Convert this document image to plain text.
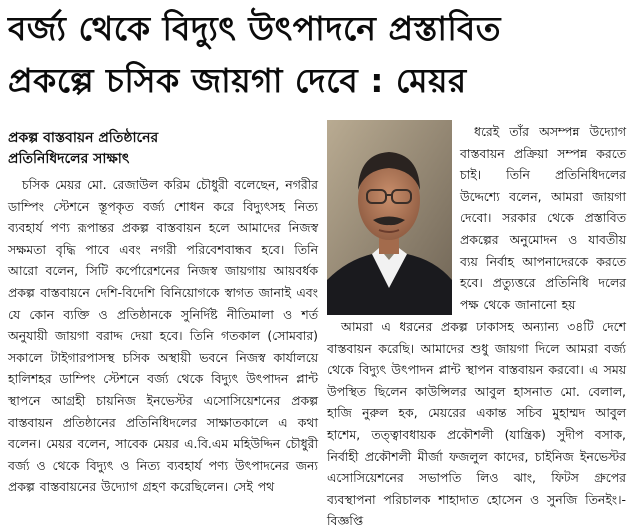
বর্জ্য থেকে বিদ্যুৎ উৎপাদনে প্রস্তাবিত
প্রকল্পে চসিক জায়গা দেবে : মেয়র
প্রকল্প বাস্তবায়ন প্রতিষ্ঠানের
প্রতিনিধিদলের সাক্ষাৎ

চসিক মেয়র মো. রেজাউল করিম চৌধুরী বলেছেন, নগরীর ডাম্পিং স্টেশনে স্তূপকৃত বর্জ্য শোধন করে বিদ্যুৎসহ নিত্য ব্যবহার্য পণ্য রূপান্তর প্রকল্প বাস্তবায়ন হলে আমাদের নিজস্ব সক্ষমতা বৃদ্ধি পাবে এবং নগরী পরিবেশবান্ধব হবে। তিনি আরো বলেন, সিটি কর্পোরেশনের নিজস্ব জায়গায় আয়বর্ধক প্রকল্প বাস্তবায়নে দেশি-বিদেশি বিনিয়োগকে স্বাগত জানাই এবং যে কোন ব্যক্তি ও প্রতিষ্ঠানকে সুনির্দিষ্ট নীতিমালা ও শর্ত অনুযায়ী জায়গা বরাদ্দ দেয়া হবে। তিনি গতকাল (সোমবার) সকালে টাইগারপাসস্থ চসিক অস্থায়ী ভবনে নিজস্ব কার্যালয়ে হালিশহর ডাম্পিং স্টেশনে বর্জ্য থেকে বিদ্যুৎ উৎপাদন প্লান্ট স্থাপনে আগ্রহী চায়নিজ ইনভেস্টর এসোসিয়েশনের প্রকল্প বাস্তবায়ন প্রতিষ্ঠানের প্রতিনিধিদলের সাক্ষাতকালে এ কথা বলেন। মেয়র বলেন, সাবেক মেয়র এ.বি.এম মহিউদ্দিন চৌধুরী বর্জ্য ও থেকে বিদ্যুৎ ও নিত্য ব্যবহার্য পণ্য উৎপাদনের জন্য প্রকল্প বাস্তবায়নের উদ্যোগ গ্রহণ করেছিলেন। সেই পথ

ধরেই তাঁর অসম্পন্ন উদ্যোগ বাস্তবায়ন প্রক্রিয়া সম্পন্ন করতে চাই। তিনি প্রতিনিধিদলের উদ্দেশ্যে বলেন, আমরা জায়গা দেবো। সরকার থেকে প্রস্তাবিত প্রকল্পের অনুমোদন ও যাবতীয় ব্যয় নির্বাহ আপনাদেরকে করতে হবে। প্রত্যুত্তরে প্রতিনিধি দলের পক্ষ থেকে জানানো হয়

আমরা এ ধরনের প্রকল্প ঢাকাসহ অন্যান্য ৩৪টি দেশে বাস্তবায়ন করেছি। আমাদের শুধু জায়গা দিলে আমরা বর্জ্য থেকে বিদ্যুৎ উৎপাদন প্লান্ট স্থাপন বাস্তবায়ন করবো। এ সময় উপস্থিত ছিলেন কাউন্সিলর আবুল হাসনাত মো. বেলাল, হাজি নুরুল হক, মেয়রের একান্ত সচিব মুহাম্মদ আবুল হাশেম, তত্ত্বাবধায়ক প্রকৌশলী (যান্ত্রিক) সুদীপ বসাক, নির্বাহী প্রকৌশলী মীর্জা ফজলুল কাদের, চাইনিজ ইনভেস্টর এসোসিয়েশনের সভাপতি লিও ঝাং, ফিটস গ্রুপের ব্যবস্থাপনা পরিচালক শাহাদাত হোসেন ও সুনজি তিনইং।-বিজ্ঞপ্তি
